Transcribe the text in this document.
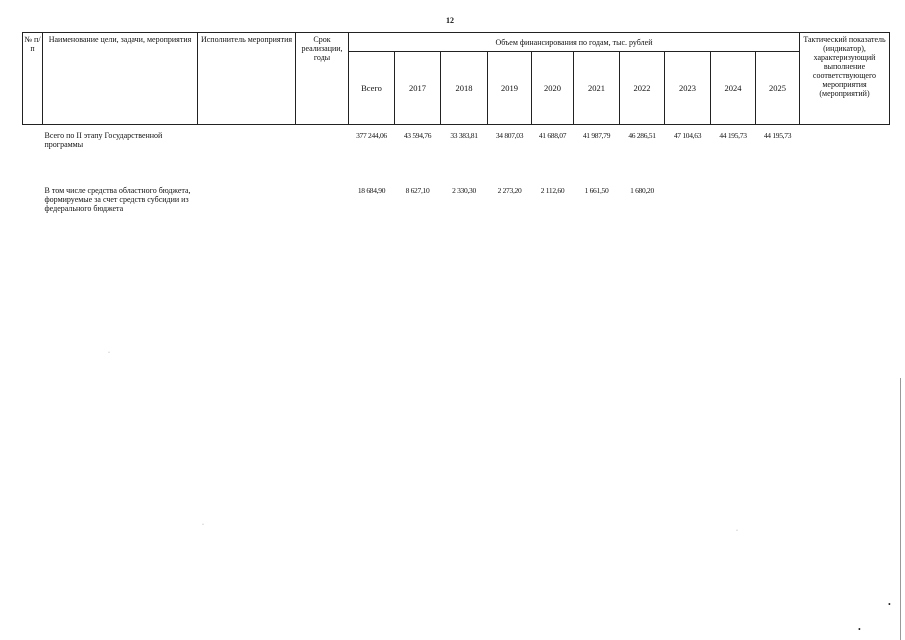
12
№ п/п	Наименование цели, задачи, мероприятия	Исполнитель мероприятия	Срок реализации, годы	Объем финансирования по годам, тыс. рублей										Тактический показатель (индикатор), характеризующий выполнение соответствующего мероприятия (мероприятий)
				Всего	2017	2018	2019	2020	2021	2022	2023	2024	2025	

	Всего по II этапу Государственной программы			377 244,06	43 594,76	33 383,81	34 807,03	41 688,07	41 987,79	46 286,51	47 104,63	44 195,73	44 195,73	
	В том числе средства областного бюджета, формируемые за счет средств субсидии из федерального бюджета			18 684,90	8 627,10	2 330,30	2 273,20	2 112,60	1 661,50	1 680,20				
·
·
·
•
•
